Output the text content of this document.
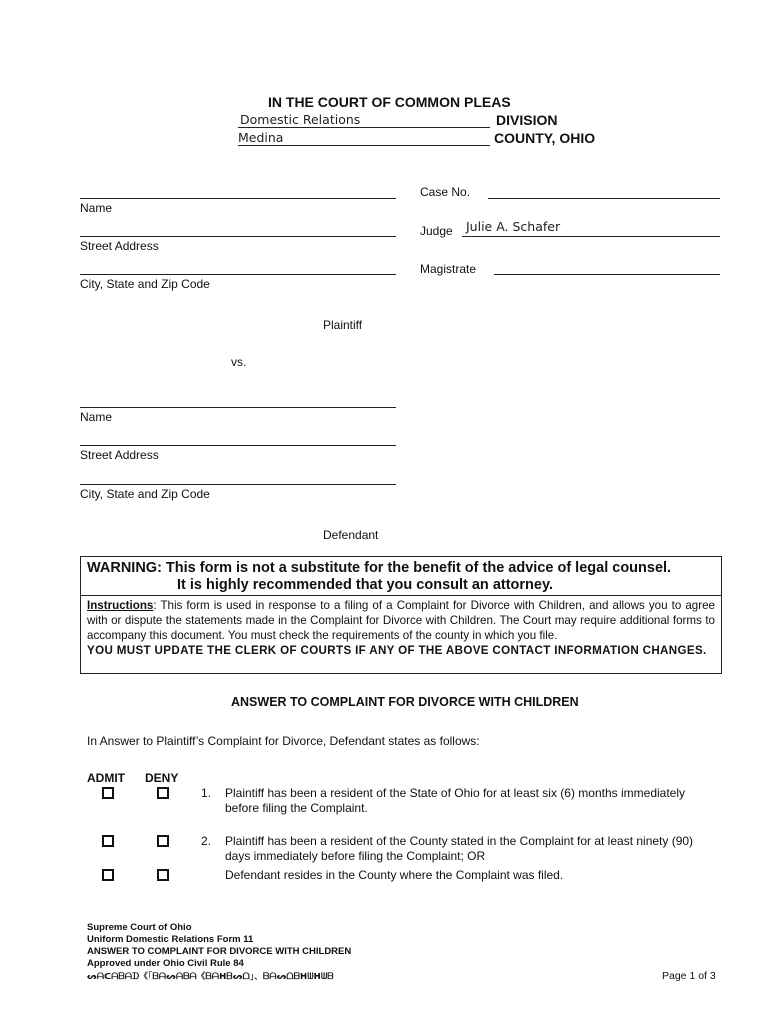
IN THE COURT OF COMMON PLEAS
Domestic Relations	DIVISION
Medina	COUNTY, OHIO
Name
Street Address
City, State and Zip Code
Plaintiff
Case No.
Judge Julie A. Schafer
Magistrate
vs.
Name
Street Address
City, State and Zip Code
Defendant
WARNING: This form is not a substitute for the benefit of the advice of legal counsel.
It is highly recommended that you consult an attorney.
Instructions: This form is used in response to a filing of a Complaint for Divorce with Children, and allows you to agree with or dispute the statements made in the Complaint for Divorce with Children. The Court may require additional forms to accompany this document. You must check the requirements of the county in which you file.
YOU MUST UPDATE THE CLERK OF COURTS IF ANY OF THE ABOVE CONTACT INFORMATION CHANGES.
ANSWER TO COMPLAINT FOR DIVORCE WITH CHILDREN
In Answer to Plaintiff’s Complaint for Divorce, Defendant states as follows:
ADMIT DENY
1. Plaintiff has been a resident of the State of Ohio for at least six (6) months immediately before filing the Complaint.
2. Plaintiff has been a resident of the County stated in the Complaint for at least ninety (90) days immediately before filing the Complaint; OR
Defendant resides in the County where the Complaint was filed.
Supreme Court of Ohio
Uniform Domestic Relations Form 11
ANSWER TO COMPLAINT FOR DIVORCE WITH CHILDREN
Approved under Ohio Civil Rule 84
ᔕᗩᑕᗩᗷᗩᗪ《「ᗷᗩᔕᗩᗷᗩ《ᗷᗩᕼᗷᔕᗝ」、ᗷᗩᔕᗝᗷᕼᗯᕼᗯᗷ	Page 1 of 3
